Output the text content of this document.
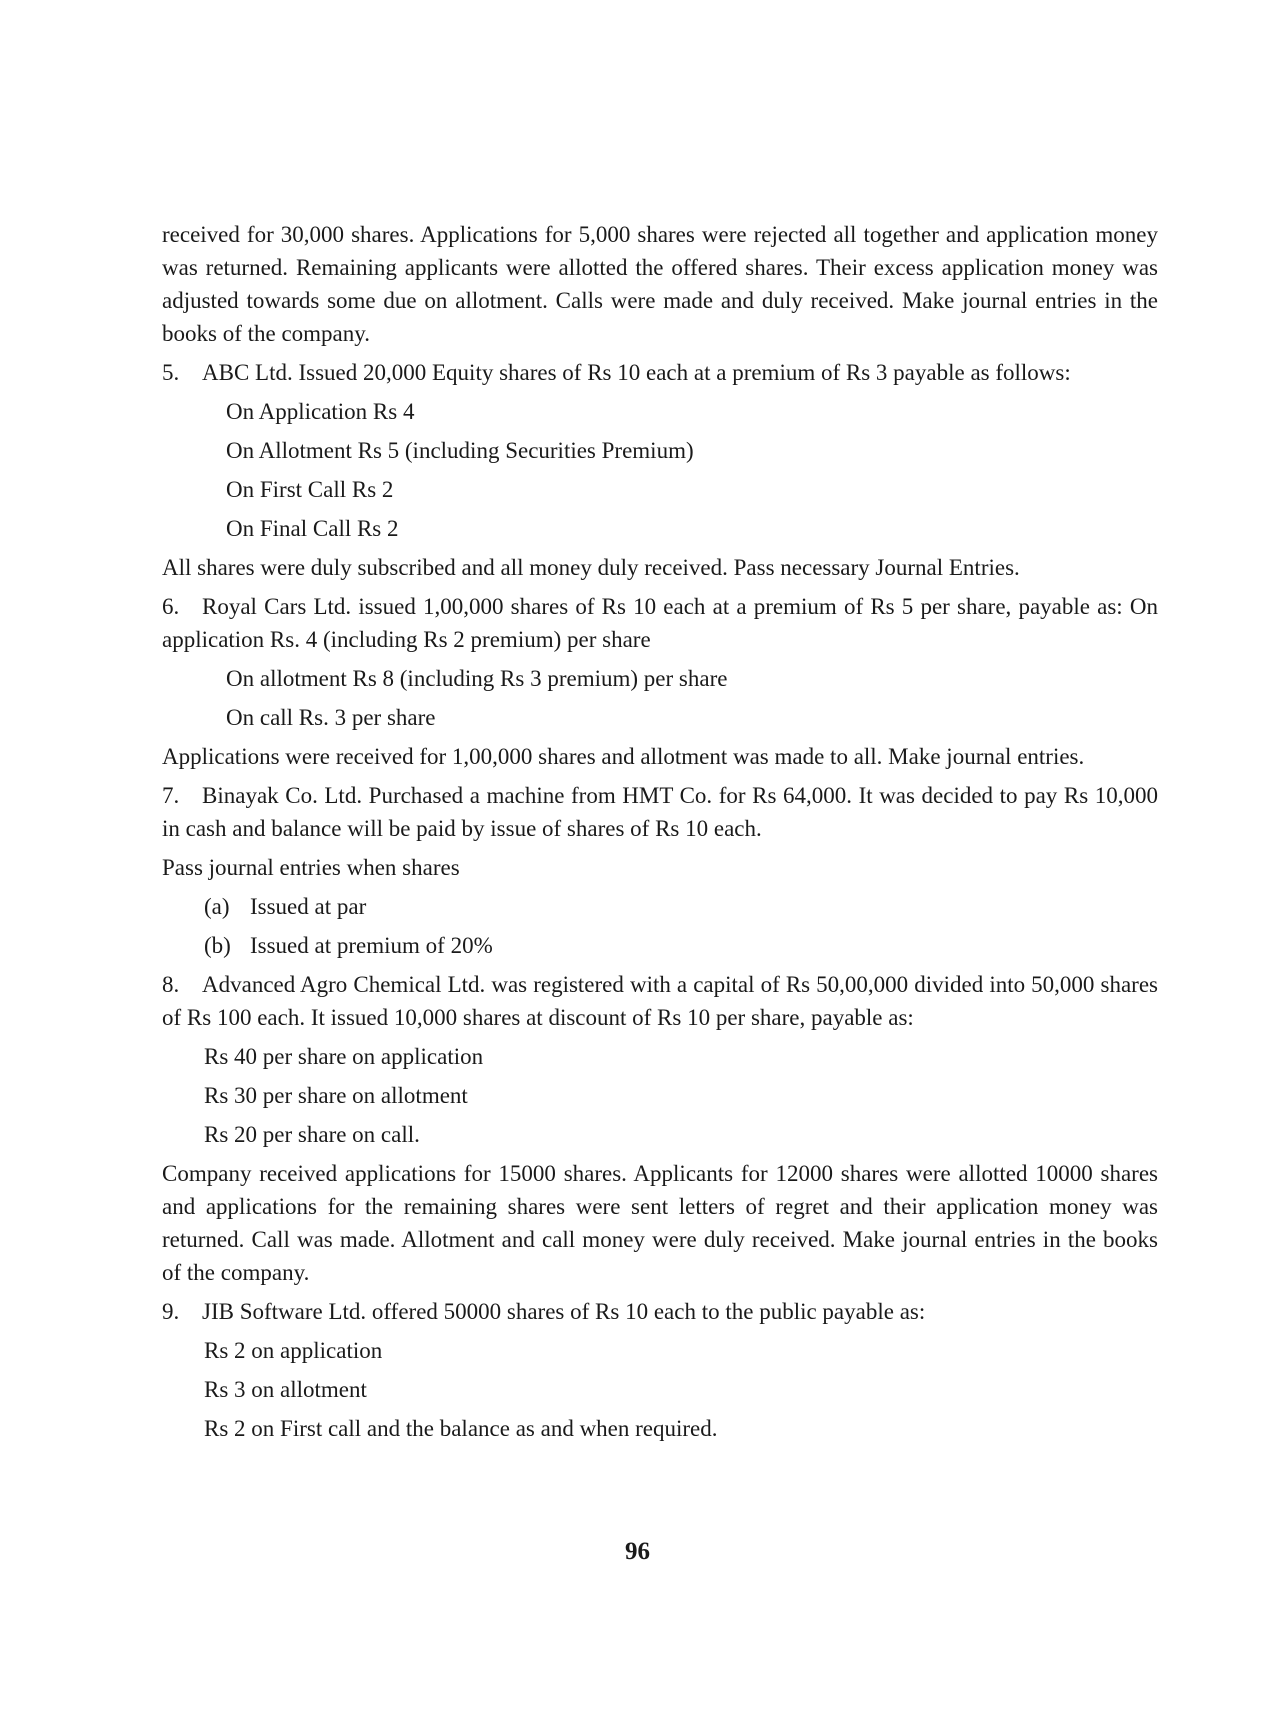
received for 30,000 shares. Applications for 5,000 shares were rejected all together and application money was returned. Remaining applicants were allotted the offered shares. Their excess application money was adjusted towards some due on allotment. Calls were made and duly received. Make journal entries in the books of the company.

5. ABC Ltd. Issued 20,000 Equity shares of Rs 10 each at a premium of Rs 3 payable as follows:

On Application Rs 4

On Allotment Rs 5 (including Securities Premium)

On First Call Rs 2

On Final Call Rs 2

All shares were duly subscribed and all money duly received. Pass necessary Journal Entries.

6. Royal Cars Ltd. issued 1,00,000 shares of Rs 10 each at a premium of Rs 5 per share, payable as: On application Rs. 4 (including Rs 2 premium) per share

On allotment Rs 8 (including Rs 3 premium) per share

On call Rs. 3 per share

Applications were received for 1,00,000 shares and allotment was made to all. Make journal entries.

7. Binayak Co. Ltd. Purchased a machine from HMT Co. for Rs 64,000. It was decided to pay Rs 10,000 in cash and balance will be paid by issue of shares of Rs 10 each.

Pass journal entries when shares

(a) Issued at par

(b) Issued at premium of 20%

8. Advanced Agro Chemical Ltd. was registered with a capital of Rs 50,00,000 divided into 50,000 shares of Rs 100 each. It issued 10,000 shares at discount of Rs 10 per share, payable as:

Rs 40 per share on application

Rs 30 per share on allotment

Rs 20 per share on call.

Company received applications for 15000 shares. Applicants for 12000 shares were allotted 10000 shares and applications for the remaining shares were sent letters of regret and their application money was returned. Call was made. Allotment and call money were duly received. Make journal entries in the books of the company.

9. JIB Software Ltd. offered 50000 shares of Rs 10 each to the public payable as:

Rs 2 on application

Rs 3 on allotment

Rs 2 on First call and the balance as and when required.

96
